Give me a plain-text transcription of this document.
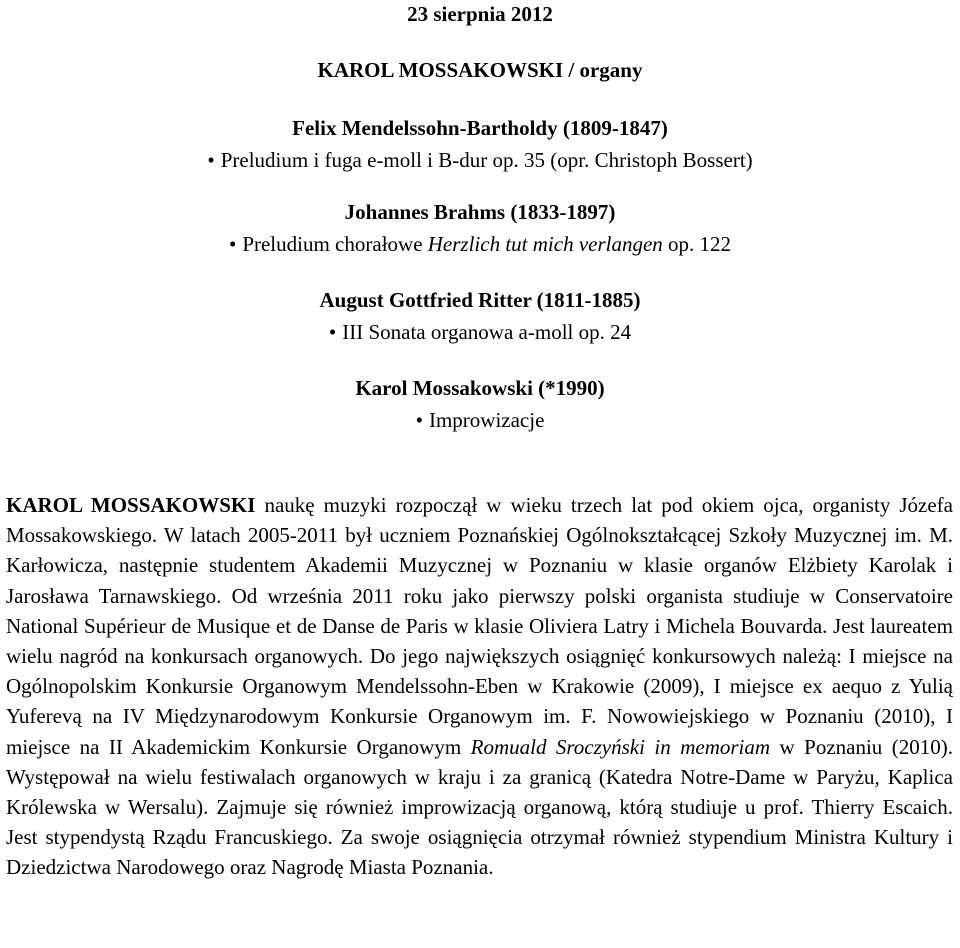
23 sierpnia 2012
KAROL MOSSAKOWSKI / organy
Felix Mendelssohn-Bartholdy (1809-1847)
• Preludium i fuga e-moll i B-dur op. 35 (opr. Christoph Bossert)
Johannes Brahms (1833-1897)
• Preludium chorałowe Herzlich tut mich verlangen op. 122
August Gottfried Ritter (1811-1885)
• III Sonata organowa a-moll op. 24
Karol Mossakowski (*1990)
• Improwizacje

KAROL MOSSAKOWSKI naukę muzyki rozpoczął w wieku trzech lat pod okiem ojca, organisty Józefa Mossakowskiego. W latach 2005-2011 był uczniem Poznańskiej Ogólnokształcącej Szkoły Muzycznej im. M. Karłowicza, następnie studentem Akademii Muzycznej w Poznaniu w klasie organów Elżbiety Karolak i Jarosława Tarnawskiego. Od września 2011 roku jako pierwszy polski organista studiuje w Conservatoire National Supérieur de Musique et de Danse de Paris w klasie Oliviera Latry i Michela Bouvarda. Jest laureatem wielu nagród na konkursach organowych. Do jego największych osiągnięć konkursowych należą: I miejsce na Ogólnopolskim Konkursie Organowym Mendelssohn-Eben w Krakowie (2009), I miejsce ex aequo z Yulią Yuferevą na IV Międzynarodowym Konkursie Organowym im. F. Nowowiejskiego w Poznaniu (2010), I miejsce na II Akademickim Konkursie Organowym Romuald Sroczyński in memoriam w Poznaniu (2010). Występował na wielu festiwalach organowych w kraju i za granicą (Katedra Notre-Dame w Paryżu, Kaplica Królewska w Wersalu). Zajmuje się również improwizacją organową, którą studiuje u prof. Thierry Escaich. Jest stypendystą Rządu Francuskiego. Za swoje osiągnięcia otrzymał również stypendium Ministra Kultury i Dziedzictwa Narodowego oraz Nagrodę Miasta Poznania.
